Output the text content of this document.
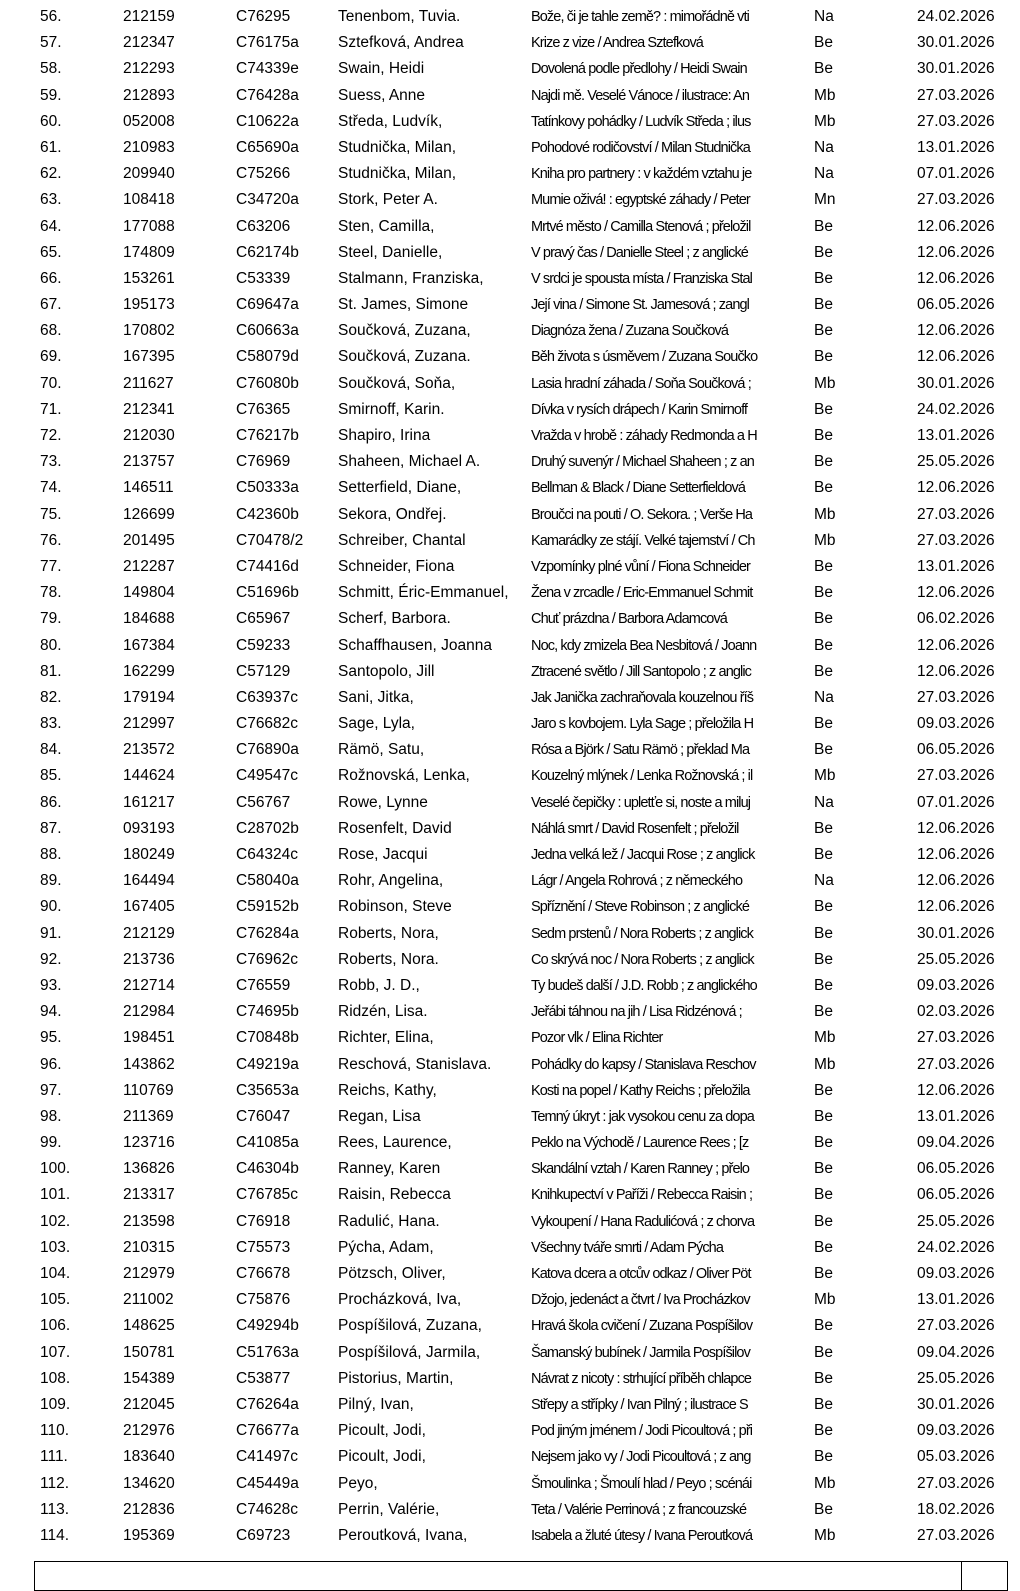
56.	212159	C76295	Tenenbom, Tuvia.	Bože, či je tahle země? : mimořádně vti	Na	24.02.2026
57.	212347	C76175a	Sztefková, Andrea	Krize z vize / Andrea Sztefková	Be	30.01.2026
58.	212293	C74339e	Swain, Heidi	Dovolená podle předlohy / Heidi Swain	Be	30.01.2026
59.	212893	C76428a	Suess, Anne	Najdi mě. Veselé Vánoce / ilustrace: An	Mb	27.03.2026
60.	052008	C10622a	Středa, Ludvík,	Tatínkovy pohádky / Ludvík Středa ; ilus	Mb	27.03.2026
61.	210983	C65690a	Studnička, Milan,	Pohodové rodičovství / Milan Studnička	Na	13.01.2026
62.	209940	C75266	Studnička, Milan,	Kniha pro partnery : v každém vztahu je	Na	07.01.2026
63.	108418	C34720a	Stork, Peter A.	Mumie oživá! : egyptské záhady / Peter	Mn	27.03.2026
64.	177088	C63206	Sten, Camilla,	Mrtvé město / Camilla Stenová ; přeložil	Be	12.06.2026
65.	174809	C62174b	Steel, Danielle,	V pravý čas / Danielle Steel ; z anglické	Be	12.06.2026
66.	153261	C53339	Stalmann, Franziska,	V srdci je spousta místa / Franziska Stal	Be	12.06.2026
67.	195173	C69647a	St. James, Simone	Její vina / Simone St. Jamesová ; zangl	Be	06.05.2026
68.	170802	C60663a	Součková, Zuzana,	Diagnóza žena / Zuzana Součková	Be	12.06.2026
69.	167395	C58079d	Součková, Zuzana.	Běh života s úsměvem / Zuzana Součko	Be	12.06.2026
70.	211627	C76080b	Součková, Soňa,	Lasia hradní záhada / Soňa Součková ;	Mb	30.01.2026
71.	212341	C76365	Smirnoff, Karin.	Dívka v rysích drápech / Karin Smirnoff	Be	24.02.2026
72.	212030	C76217b	Shapiro, Irina	Vražda v hrobě : záhady Redmonda a H	Be	13.01.2026
73.	213757	C76969	Shaheen, Michael A.	Druhý suvenýr / Michael Shaheen ; z an	Be	25.05.2026
74.	146511	C50333a	Setterfield, Diane,	Bellman & Black / Diane Setterfieldová	Be	12.06.2026
75.	126699	C42360b	Sekora, Ondřej.	Broučci na pouti / O. Sekora. ; Verše Ha	Mb	27.03.2026
76.	201495	C70478/2	Schreiber, Chantal	Kamarádky ze stájí. Velké tajemství / Ch	Mb	27.03.2026
77.	212287	C74416d	Schneider, Fiona	Vzpomínky plné vůní / Fiona Schneider	Be	13.01.2026
78.	149804	C51696b	Schmitt, Éric-Emmanuel,	Žena v zrcadle / Eric-Emmanuel Schmit	Be	12.06.2026
79.	184688	C65967	Scherf, Barbora.	Chuť prázdna / Barbora Adamcová	Be	06.02.2026
80.	167384	C59233	Schaffhausen, Joanna	Noc, kdy zmizela Bea Nesbitová / Joann	Be	12.06.2026
81.	162299	C57129	Santopolo, Jill	Ztracené světlo / Jill Santopolo ; z anglic	Be	12.06.2026
82.	179194	C63937c	Sani, Jitka,	Jak Janička zachraňovala kouzelnou říš	Na	27.03.2026
83.	212997	C76682c	Sage, Lyla,	Jaro s kovbojem. Lyla Sage ; přeložila H	Be	09.03.2026
84.	213572	C76890a	Rämö, Satu,	Rósa a Björk / Satu Rämö ; překlad Ma	Be	06.05.2026
85.	144624	C49547c	Rožnovská, Lenka,	Kouzelný mlýnek / Lenka Rožnovská ; il	Mb	27.03.2026
86.	161217	C56767	Rowe, Lynne	Veselé čepičky : upletťe si, noste a miluj	Na	07.01.2026
87.	093193	C28702b	Rosenfelt, David	Náhlá smrt / David Rosenfelt ; přeložil	Be	12.06.2026
88.	180249	C64324c	Rose, Jacqui	Jedna velká lež / Jacqui Rose ; z anglick	Be	12.06.2026
89.	164494	C58040a	Rohr, Angelina,	Lágr / Angela Rohrová ; z německého	Na	12.06.2026
90.	167405	C59152b	Robinson, Steve	Spříznění / Steve Robinson ; z anglické	Be	12.06.2026
91.	212129	C76284a	Roberts, Nora,	Sedm prstenů / Nora Roberts ; z anglick	Be	30.01.2026
92.	213736	C76962c	Roberts, Nora.	Co skrývá noc / Nora Roberts ; z anglick	Be	25.05.2026
93.	212714	C76559	Robb, J. D.,	Ty budeš další / J.D. Robb ; z anglického	Be	09.03.2026
94.	212984	C74695b	Ridzén, Lisa.	Jeřábi táhnou na jih / Lisa Ridzénová ;	Be	02.03.2026
95.	198451	C70848b	Richter, Elina,	Pozor vlk / Elina Richter	Mb	27.03.2026
96.	143862	C49219a	Reschová, Stanislava.	Pohádky do kapsy / Stanislava Reschov	Mb	27.03.2026
97.	110769	C35653a	Reichs, Kathy,	Kosti na popel / Kathy Reichs ; přeložila	Be	12.06.2026
98.	211369	C76047	Regan, Lisa	Temný úkryt : jak vysokou cenu za dopa	Be	13.01.2026
99.	123716	C41085a	Rees, Laurence,	Peklo na Východě / Laurence Rees ; [z	Be	09.04.2026
100.	136826	C46304b	Ranney, Karen	Skandální vztah / Karen Ranney ; přelo	Be	06.05.2026
101.	213317	C76785c	Raisin, Rebecca	Knihkupectví v Paříži / Rebecca Raisin ;	Be	06.05.2026
102.	213598	C76918	Radulić, Hana.	Vykoupení / Hana Radulićová ; z chorva	Be	25.05.2026
103.	210315	C75573	Pýcha, Adam,	Všechny tváře smrti / Adam Pýcha	Be	24.02.2026
104.	212979	C76678	Pötzsch, Oliver,	Katova dcera a otcův odkaz / Oliver Pöt	Be	09.03.2026
105.	211002	C75876	Procházková, Iva,	Džojo, jedenáct a čtvrt / Iva Procházkov	Mb	13.01.2026
106.	148625	C49294b	Pospíšilová, Zuzana,	Hravá škola cvičení / Zuzana Pospíšilov	Be	27.03.2026
107.	150781	C51763a	Pospíšilová, Jarmila,	Šamanský bubínek / Jarmila Pospíšilov	Be	09.04.2026
108.	154389	C53877	Pistorius, Martin,	Návrat z nicoty : strhující příběh chlapce	Be	25.05.2026
109.	212045	C76264a	Pilný, Ivan,	Střepy a střípky / Ivan Pilný ; ilustrace S	Be	30.01.2026
110.	212976	C76677a	Picoult, Jodi,	Pod jiným jménem / Jodi Picoultová ; při	Be	09.03.2026
111.	183640	C41497c	Picoult, Jodi,	Nejsem jako vy / Jodi Picoultová ; z ang	Be	05.03.2026
112.	134620	C45449a	Peyo,	Šmoulinka ; Šmoulí hlad / Peyo ; scénái	Mb	27.03.2026
113.	212836	C74628c	Perrin, Valérie,	Teta / Valérie Perrinová ; z francouzské	Be	18.02.2026
114.	195369	C69723	Peroutková, Ivana,	Isabela a žluté útesy / Ivana Peroutková	Mb	27.03.2026
